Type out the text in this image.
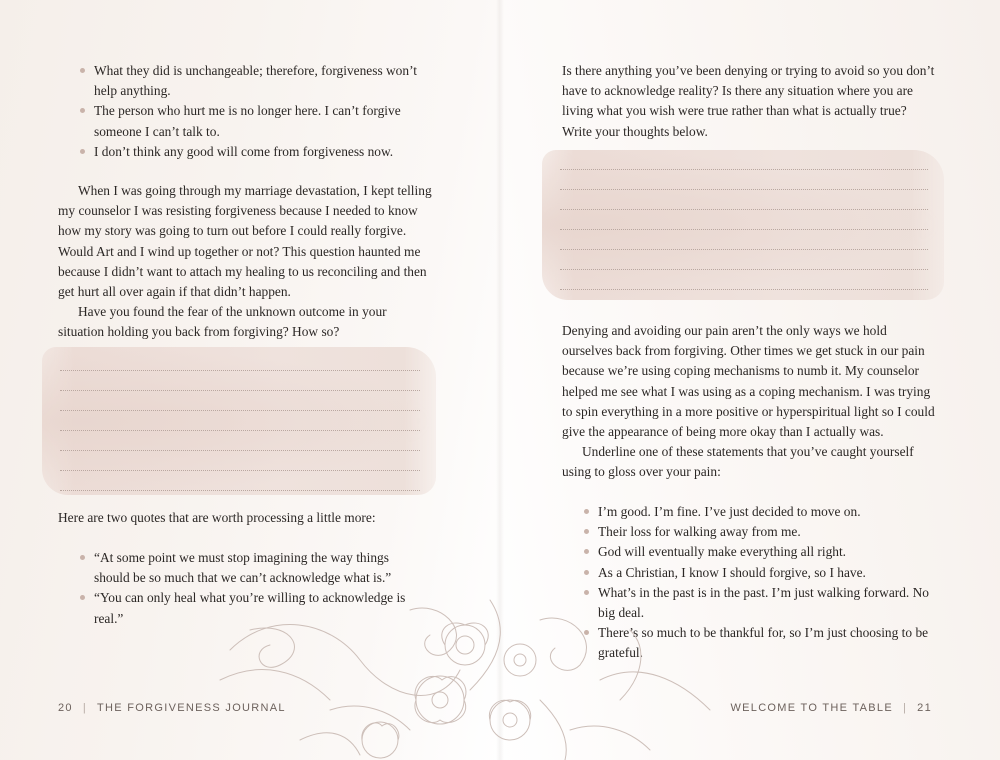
What they did is unchangeable; therefore, forgiveness won’t help anything.
The person who hurt me is no longer here. I can’t forgive someone I can’t talk to.
I don’t think any good will come from forgiveness now.

When I was going through my marriage devastation, I kept telling my counselor I was resisting forgiveness because I needed to know how my story was going to turn out before I could really forgive. Would Art and I wind up together or not? This question haunted me because I didn’t want to attach my healing to us reconciling and then get hurt all over again if that didn’t happen.

Have you found the fear of the unknown outcome in your situation holding you back from forgiving? How so?

Here are two quotes that are worth processing a little more:
“At some point we must stop imagining the way things should be so much that we can’t acknowledge what is.”
“You can only heal what you’re willing to acknowledge is real.”
20 | THE FORGIVENESS JOURNAL
Is there anything you’ve been denying or trying to avoid so you don’t have to acknowledge reality? Is there any situation where you are living what you wish were true rather than what is actually true? Write your thoughts below.

Denying and avoiding our pain aren’t the only ways we hold ourselves back from forgiving. Other times we get stuck in our pain because we’re using coping mechanisms to numb it. My counselor helped me see what I was using as a coping mechanism. I was trying to spin everything in a more positive or hyperspiritual light so I could give the appearance of being more okay than I actually was.

Underline one of these statements that you’ve caught yourself using to gloss over your pain:

I’m good. I’m fine. I’ve just decided to move on.
Their loss for walking away from me.
God will eventually make everything all right.
As a Christian, I know I should forgive, so I have.
What’s in the past is in the past. I’m just walking forward. No big deal.
There’s so much to be thankful for, so I’m just choosing to be grateful.
WELCOME TO THE TABLE | 21
